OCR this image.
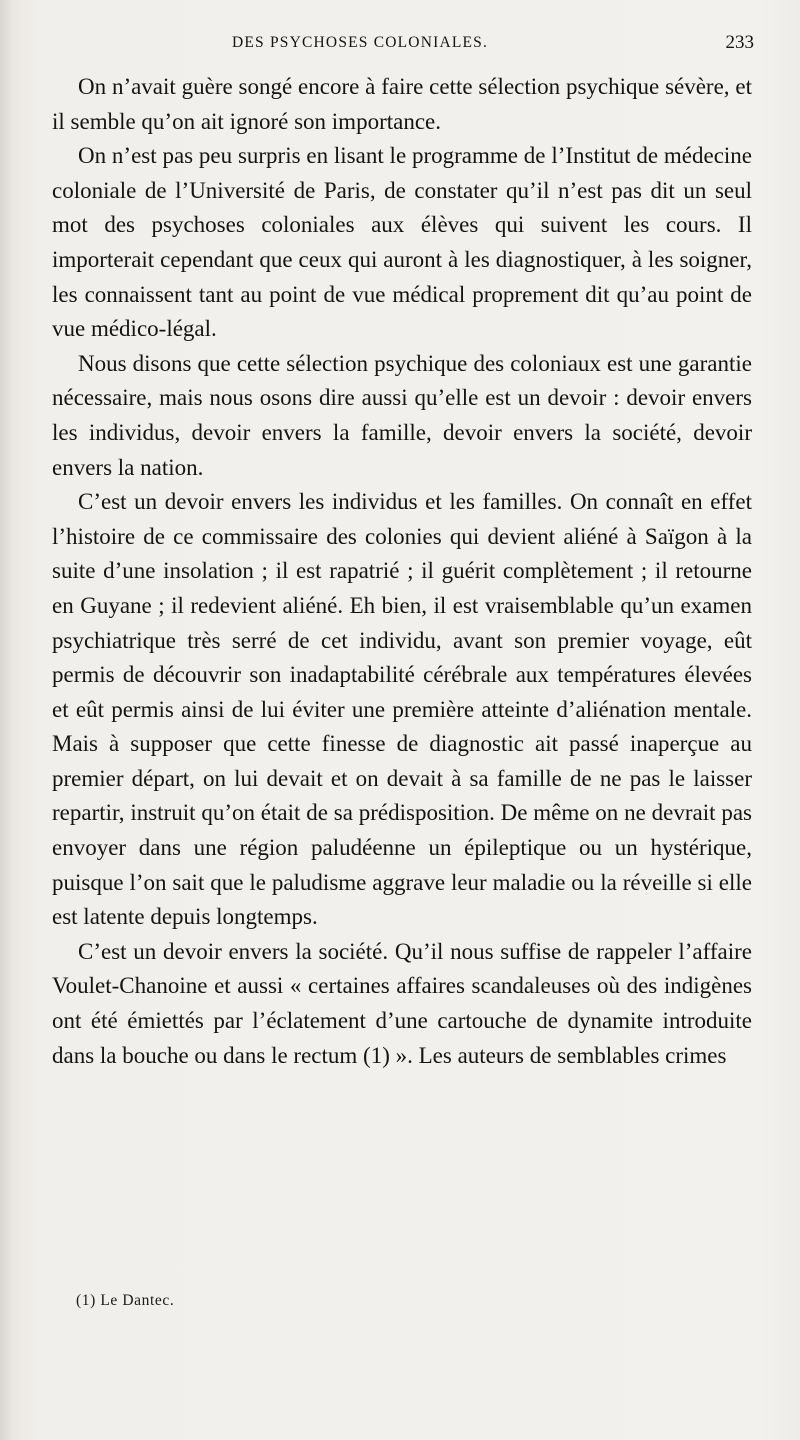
DES PSYCHOSES COLONIALES.	233

On n’avait guère songé encore à faire cette sélection psychique sévère, et il semble qu’on ait ignoré son importance.

On n’est pas peu surpris en lisant le programme de l’Institut de médecine coloniale de l’Université de Paris, de constater qu’il n’est pas dit un seul mot des psychoses coloniales aux élèves qui suivent les cours. Il importerait cependant que ceux qui auront à les diagnostiquer, à les soigner, les connaissent tant au point de vue médical proprement dit qu’au point de vue médico-légal.

Nous disons que cette sélection psychique des coloniaux est une garantie nécessaire, mais nous osons dire aussi qu’elle est un devoir : devoir envers les individus, devoir envers la famille, devoir envers la société, devoir envers la nation.

C’est un devoir envers les individus et les familles. On connaît en effet l’histoire de ce commissaire des colonies qui devient aliéné à Saïgon à la suite d’une insolation ; il est rapatrié ; il guérit complètement ; il retourne en Guyane ; il redevient aliéné. Eh bien, il est vraisemblable qu’un examen psychiatrique très serré de cet individu, avant son premier voyage, eût permis de découvrir son inadaptabilité cérébrale aux températures élevées et eût permis ainsi de lui éviter une première atteinte d’aliénation mentale. Mais à supposer que cette finesse de diagnostic ait passé inaperçue au premier départ, on lui devait et on devait à sa famille de ne pas le laisser repartir, instruit qu’on était de sa prédisposition. De même on ne devrait pas envoyer dans une région paludéenne un épileptique ou un hystérique, puisque l’on sait que le paludisme aggrave leur maladie ou la réveille si elle est latente depuis longtemps.

C’est un devoir envers la société. Qu’il nous suffise de rappeler l’affaire Voulet-Chanoine et aussi « certaines affaires scandaleuses où des indigènes ont été émiettés par l’éclatement d’une cartouche de dynamite introduite dans la bouche ou dans le rectum (1) ». Les auteurs de semblables crimes

(1) Le Dantec.
